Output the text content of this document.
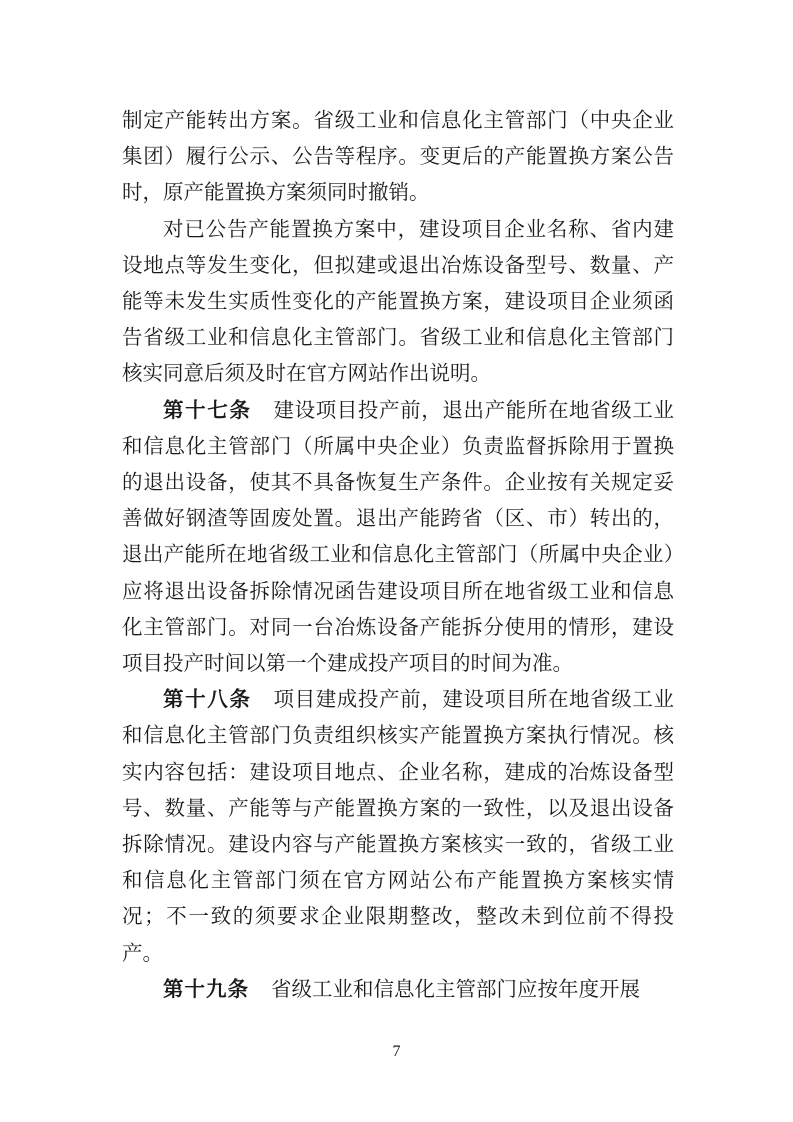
制定产能转出方案。省级工业和信息化主管部门（中央企业集团）履行公示、公告等程序。变更后的产能置换方案公告时，原产能置换方案须同时撤销。

对已公告产能置换方案中，建设项目企业名称、省内建设地点等发生变化，但拟建或退出冶炼设备型号、数量、产能等未发生实质性变化的产能置换方案，建设项目企业须函告省级工业和信息化主管部门。省级工业和信息化主管部门核实同意后须及时在官方网站作出说明。

第十七条 建设项目投产前，退出产能所在地省级工业和信息化主管部门（所属中央企业）负责监督拆除用于置换的退出设备，使其不具备恢复生产条件。企业按有关规定妥善做好钢渣等固废处置。退出产能跨省（区、市）转出的，退出产能所在地省级工业和信息化主管部门（所属中央企业）应将退出设备拆除情况函告建设项目所在地省级工业和信息化主管部门。对同一台冶炼设备产能拆分使用的情形，建设项目投产时间以第一个建成投产项目的时间为准。

第十八条 项目建成投产前，建设项目所在地省级工业和信息化主管部门负责组织核实产能置换方案执行情况。核实内容包括：建设项目地点、企业名称，建成的冶炼设备型号、数量、产能等与产能置换方案的一致性，以及退出设备拆除情况。建设内容与产能置换方案核实一致的，省级工业和信息化主管部门须在官方网站公布产能置换方案核实情况；不一致的须要求企业限期整改，整改未到位前不得投产。

第十九条 省级工业和信息化主管部门应按年度开展

7
